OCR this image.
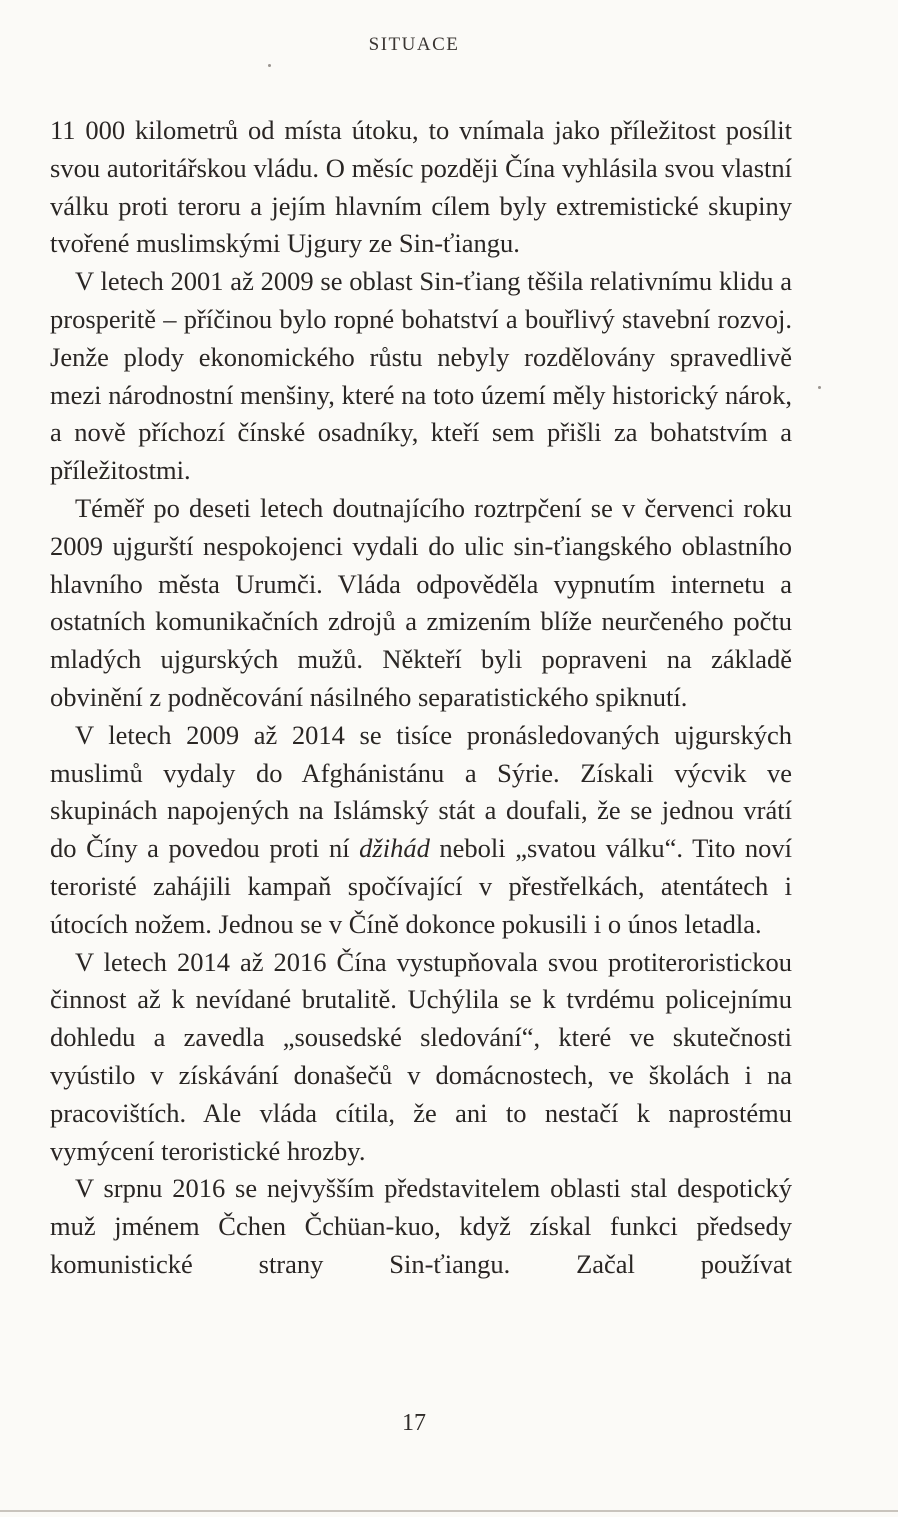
SITUACE

11 000 kilometrů od místa útoku, to vnímala jako příležitost posílit svou autoritářskou vládu. O měsíc později Čína vyhlásila svou vlastní válku proti teroru a jejím hlavním cílem byly extremistické skupiny tvořené muslimskými Ujgury ze Sin-ťiangu.

V letech 2001 až 2009 se oblast Sin-ťiang těšila relativnímu klidu a prosperitě – příčinou bylo ropné bohatství a bouřlivý stavební rozvoj. Jenže plody ekonomického růstu nebyly rozdělovány spravedlivě mezi národnostní menšiny, které na toto území měly historický nárok, a nově příchozí čínské osadníky, kteří sem přišli za bohatstvím a příležitostmi.

Téměř po deseti letech doutnajícího roztrpčení se v červenci roku 2009 ujgurští nespokojenci vydali do ulic sin-ťiangského oblastního hlavního města Urumči. Vláda odpověděla vypnutím internetu a ostatních komunikačních zdrojů a zmizením blíže neurčeného počtu mladých ujgurských mužů. Někteří byli popraveni na základě obvinění z podněcování násilného separatistického spiknutí.

V letech 2009 až 2014 se tisíce pronásledovaných ujgurských muslimů vydaly do Afghánistánu a Sýrie. Získali výcvik ve skupinách napojených na Islámský stát a doufali, že se jednou vrátí do Číny a povedou proti ní džihád neboli „svatou válku“. Tito noví teroristé zahájili kampaň spočívající v přestřelkách, atentátech i útocích nožem. Jednou se v Číně dokonce pokusili i o únos letadla.

V letech 2014 až 2016 Čína vystupňovala svou protiteroristickou činnost až k nevídané brutalitě. Uchýlila se k tvrdému policejnímu dohledu a zavedla „sousedské sledování“, které ve skutečnosti vyústilo v získávání donašečů v domácnostech, ve školách i na pracovištích. Ale vláda cítila, že ani to nestačí k naprostému vymýcení teroristické hrozby.

V srpnu 2016 se nejvyšším představitelem oblasti stal despotický muž jménem Čchen Čchüan-kuo, když získal funkci předsedy komunistické strany Sin-ťiangu. Začal používat

17
